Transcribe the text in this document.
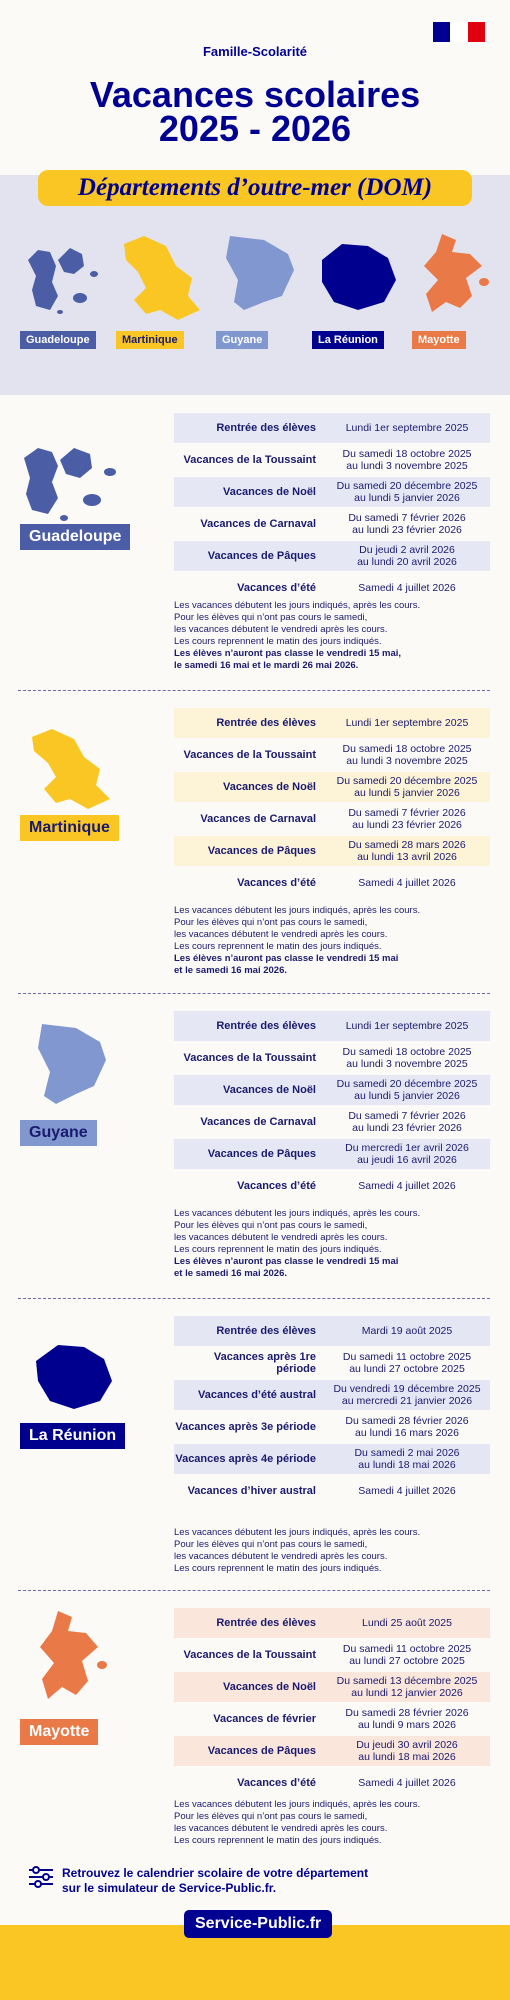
Famille-Scolarité
Vacances scolaires
2025 - 2026
Départements d’outre-mer (DOM)
Guadeloupe	Martinique	Guyane	La Réunion	Mayotte
Guadeloupe
Rentrée des élèves	Lundi 1er septembre 2025
Vacances de la Toussaint	Du samedi 18 octobre 2025
au lundi 3 novembre 2025
Vacances de Noël	Du samedi 20 décembre 2025
au lundi 5 janvier 2026
Vacances de Carnaval	Du samedi 7 février 2026
au lundi 23 février 2026
Vacances de Pâques	Du jeudi 2 avril 2026
au lundi 20 avril 2026
Vacances d’été	Samedi 4 juillet 2026
Les vacances débutent les jours indiqués, après les cours.
Pour les élèves qui n’ont pas cours le samedi,
les vacances débutent le vendredi après les cours.
Les cours reprennent le matin des jours indiqués.
Les élèves n’auront pas classe le vendredi 15 mai,
le samedi 16 mai et le mardi 26 mai 2026.
Martinique
Rentrée des élèves	Lundi 1er septembre 2025
Vacances de la Toussaint	Du samedi 18 octobre 2025
au lundi 3 novembre 2025
Vacances de Noël	Du samedi 20 décembre 2025
au lundi 5 janvier 2026
Vacances de Carnaval	Du samedi 7 février 2026
au lundi 23 février 2026
Vacances de Pâques	Du samedi 28 mars 2026
au lundi 13 avril 2026
Vacances d’été	Samedi 4 juillet 2026
Les vacances débutent les jours indiqués, après les cours.
Pour les élèves qui n’ont pas cours le samedi,
les vacances débutent le vendredi après les cours.
Les cours reprennent le matin des jours indiqués.
Les élèves n’auront pas classe le vendredi 15 mai
et le samedi 16 mai 2026.
Guyane
Rentrée des élèves	Lundi 1er septembre 2025
Vacances de la Toussaint	Du samedi 18 octobre 2025
au lundi 3 novembre 2025
Vacances de Noël	Du samedi 20 décembre 2025
au lundi 5 janvier 2026
Vacances de Carnaval	Du samedi 7 février 2026
au lundi 23 février 2026
Vacances de Pâques	Du mercredi 1er avril 2026
au jeudi 16 avril 2026
Vacances d’été	Samedi 4 juillet 2026
Les vacances débutent les jours indiqués, après les cours.
Pour les élèves qui n’ont pas cours le samedi,
les vacances débutent le vendredi après les cours.
Les cours reprennent le matin des jours indiqués.
Les élèves n’auront pas classe le vendredi 15 mai
et le samedi 16 mai 2026.
La Réunion
Rentrée des élèves	Mardi 19 août 2025
Vacances après 1re période
Du samedi 11 octobre 2025
au lundi 27 octobre 2025
Vacances d’été austral	Du vendredi 19 décembre 2025
au mercredi 21 janvier 2026
Vacances après 3e période	Du samedi 28 février 2026
au lundi 16 mars 2026
Vacances après 4e période	Du samedi 2 mai 2026
au lundi 18 mai 2026
Vacances d’hiver austral	Samedi 4 juillet 2026
Les vacances débutent les jours indiqués, après les cours.
Pour les élèves qui n’ont pas cours le samedi,
les vacances débutent le vendredi après les cours.
Les cours reprennent le matin des jours indiqués.
Mayotte
Rentrée des élèves	Lundi 25 août 2025
Vacances de la Toussaint	Du samedi 11 octobre 2025
au lundi 27 octobre 2025
Vacances de Noël	Du samedi 13 décembre 2025
au lundi 12 janvier 2026
Vacances de février	Du samedi 28 février 2026
au lundi 9 mars 2026
Vacances de Pâques	Du jeudi 30 avril 2026
au lundi 18 mai 2026
Vacances d’été	Samedi 4 juillet 2026
Les vacances débutent les jours indiqués, après les cours.
Pour les élèves qui n’ont pas cours le samedi,
les vacances débutent le vendredi après les cours.
Les cours reprennent le matin des jours indiqués.
Retrouvez le calendrier scolaire de votre département
sur le simulateur de Service-Public.fr.
Service-Public.fr
